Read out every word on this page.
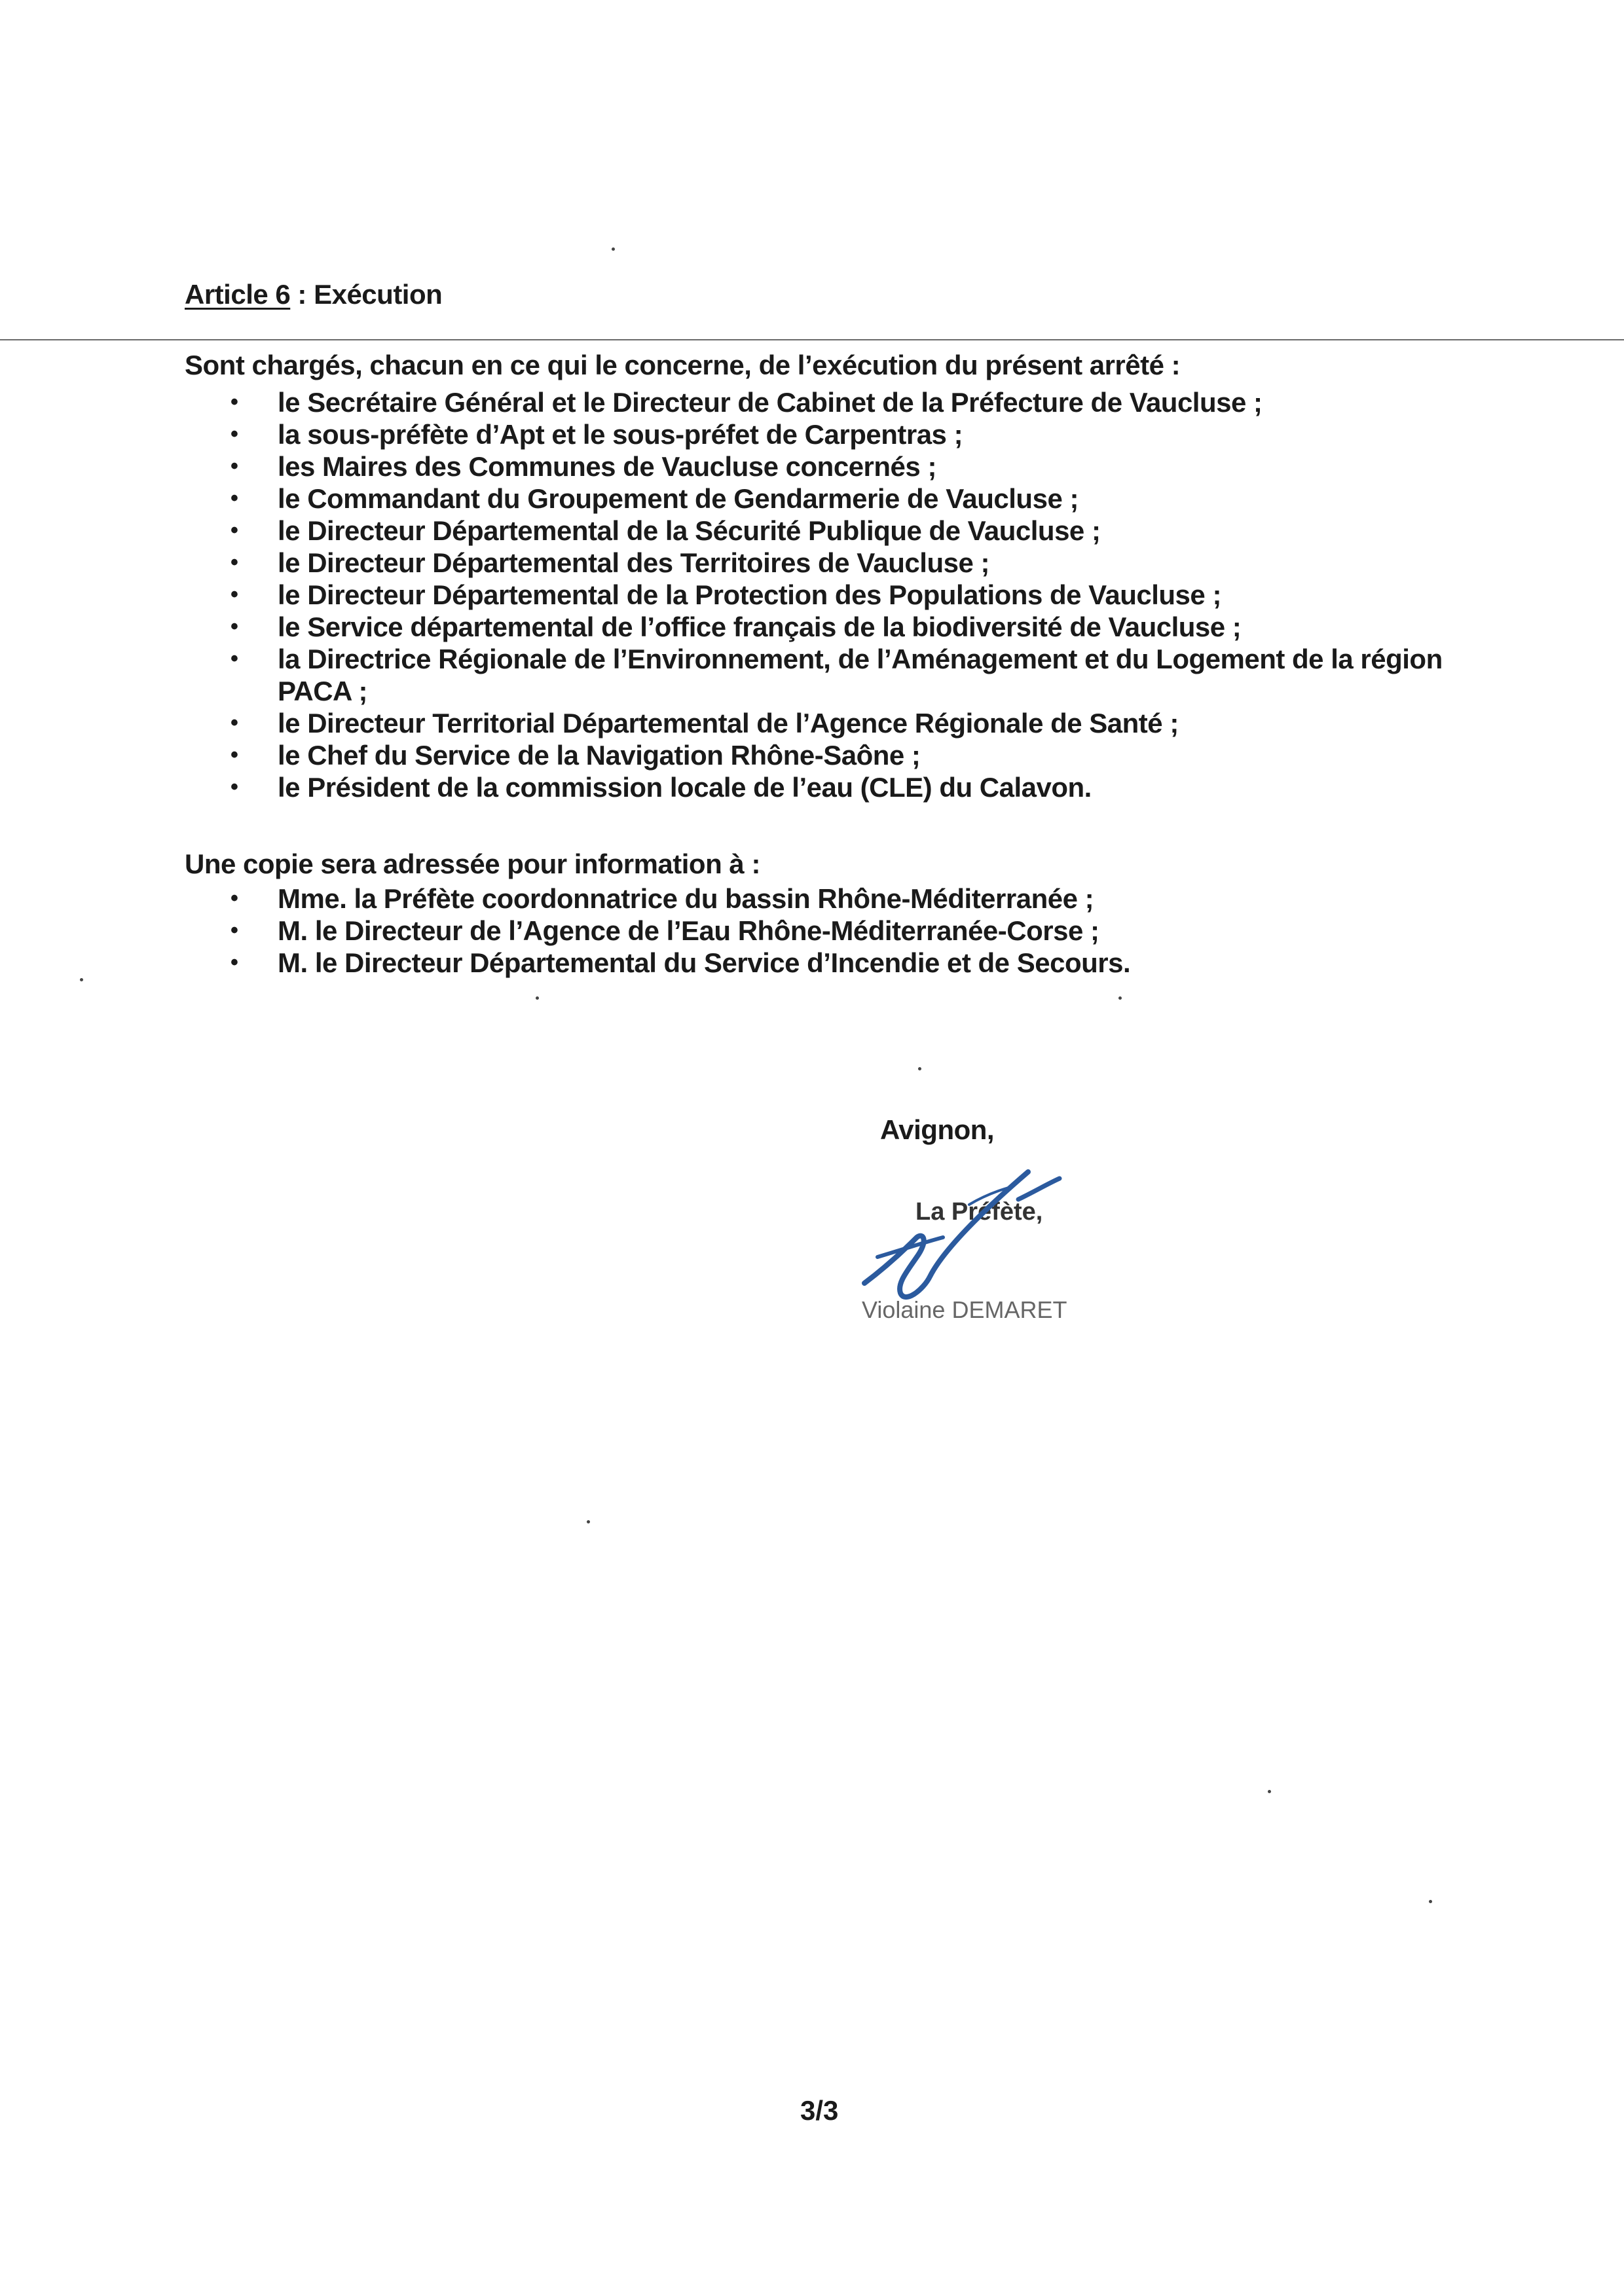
Article 6 : Exécution
Sont chargés, chacun en ce qui le concerne, de l’exécution du présent arrêté :
• le Secrétaire Général et le Directeur de Cabinet de la Préfecture de Vaucluse ;
• la sous-préfète d’Apt et le sous-préfet de Carpentras ;
• les Maires des Communes de Vaucluse concernés ;
• le Commandant du Groupement de Gendarmerie de Vaucluse ;
• le Directeur Départemental de la Sécurité Publique de Vaucluse ;
• le Directeur Départemental des Territoires de Vaucluse ;
• le Directeur Départemental de la Protection des Populations de Vaucluse ;
• le Service départemental de l’office français de la biodiversité de Vaucluse ;
• la Directrice Régionale de l’Environnement, de l’Aménagement et du Logement de la région PACA ;
• le Directeur Territorial Départemental de l’Agence Régionale de Santé ;
• le Chef du Service de la Navigation Rhône-Saône ;
• le Président de la commission locale de l’eau (CLE) du Calavon.
Une copie sera adressée pour information à :
• Mme. la Préfète coordonnatrice du bassin Rhône-Méditerranée ;
• M. le Directeur de l’Agence de l’Eau Rhône-Méditerranée-Corse ;
• M. le Directeur Départemental du Service d’Incendie et de Secours.
Avignon,
La Préfète,
Violaine DEMARET
3/3
